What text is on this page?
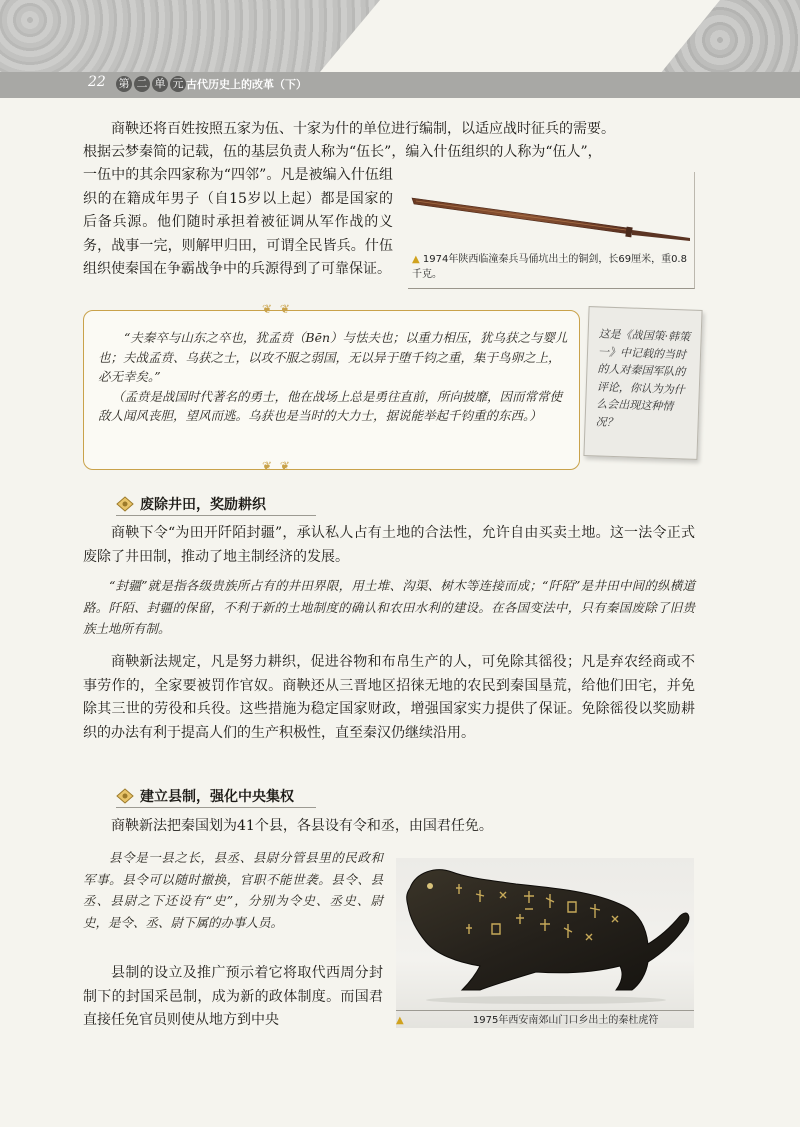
22 第 二 单 元 古代历史上的改革（下）

商鞅还将百姓按照五家为伍、十家为什的单位进行编制，以适应战时征兵的需要。

根据云梦秦简的记载，伍的基层负责人称为“伍长”，编入什伍组织的人称为“伍人”，

一伍中的其余四家称为“四邻”。凡是被编入什伍组织的在籍成年男子（自15岁以上起）都是国家的后备兵源。他们随时承担着被征调从军作战的义务，战事一完，则解甲归田，可谓全民皆兵。什伍组织使秦国在争霸战争中的兵源得到了可靠保证。

▲ 1974年陕西临潼秦兵马俑坑出土的铜剑，长69厘米，重0.8千克。
❦ ❦
❦ ❦

“夫秦卒与山东之卒也，犹孟贲（Bēn）与怯夫也；以重力相压，犹乌获之与婴儿也；夫战孟贲、乌获之士，以攻不服之弱国，无以异于堕千钧之重，集于鸟卵之上，必无幸矣。”

（孟贲是战国时代著名的勇士，他在战场上总是勇往直前，所向披靡，因而常常使敌人闻风丧胆，望风而逃。乌获也是当时的大力士，据说能举起千钧重的东西。）

这是《战国策·韩策一》中记载的当时的人对秦国军队的评论，你认为为什么会出现这种情况？

废除井田，奖励耕织

商鞅下令“为田开阡陌封疆”，承认私人占有土地的合法性，允许自由买卖土地。这一法令正式废除了井田制，推动了地主制经济的发展。

“封疆”就是指各级贵族所占有的井田界限，用土堆、沟渠、树木等连接而成；“阡陌”是井田中间的纵横道路。阡陌、封疆的保留，不利于新的土地制度的确认和农田水利的建设。在各国变法中，只有秦国废除了旧贵族土地所有制。

商鞅新法规定，凡是努力耕织，促进谷物和布帛生产的人，可免除其徭役；凡是弃农经商或不事劳作的，全家要被罚作官奴。商鞅还从三晋地区招徕无地的农民到秦国垦荒，给他们田宅，并免除其三世的劳役和兵役。这些措施为稳定国家财政，增强国家实力提供了保证。免除徭役以奖励耕织的办法有利于提高人们的生产积极性，直至秦汉仍继续沿用。

建立县制，强化中央集权

商鞅新法把秦国划为41个县，各县设有令和丞，由国君任免。

县令是一县之长，县丞、县尉分管县里的民政和军事。县令可以随时撤换，官职不能世袭。县令、县丞、县尉之下还设有“史”，分别为令史、丞史、尉史，是令、丞、尉下属的办事人员。

县制的设立及推广预示着它将取代西周分封制下的封国采邑制，成为新的政体制度。而国君直接任免官员则使从地方到中央	▲	1975年西安南郊山门口乡出土的秦杜虎符
